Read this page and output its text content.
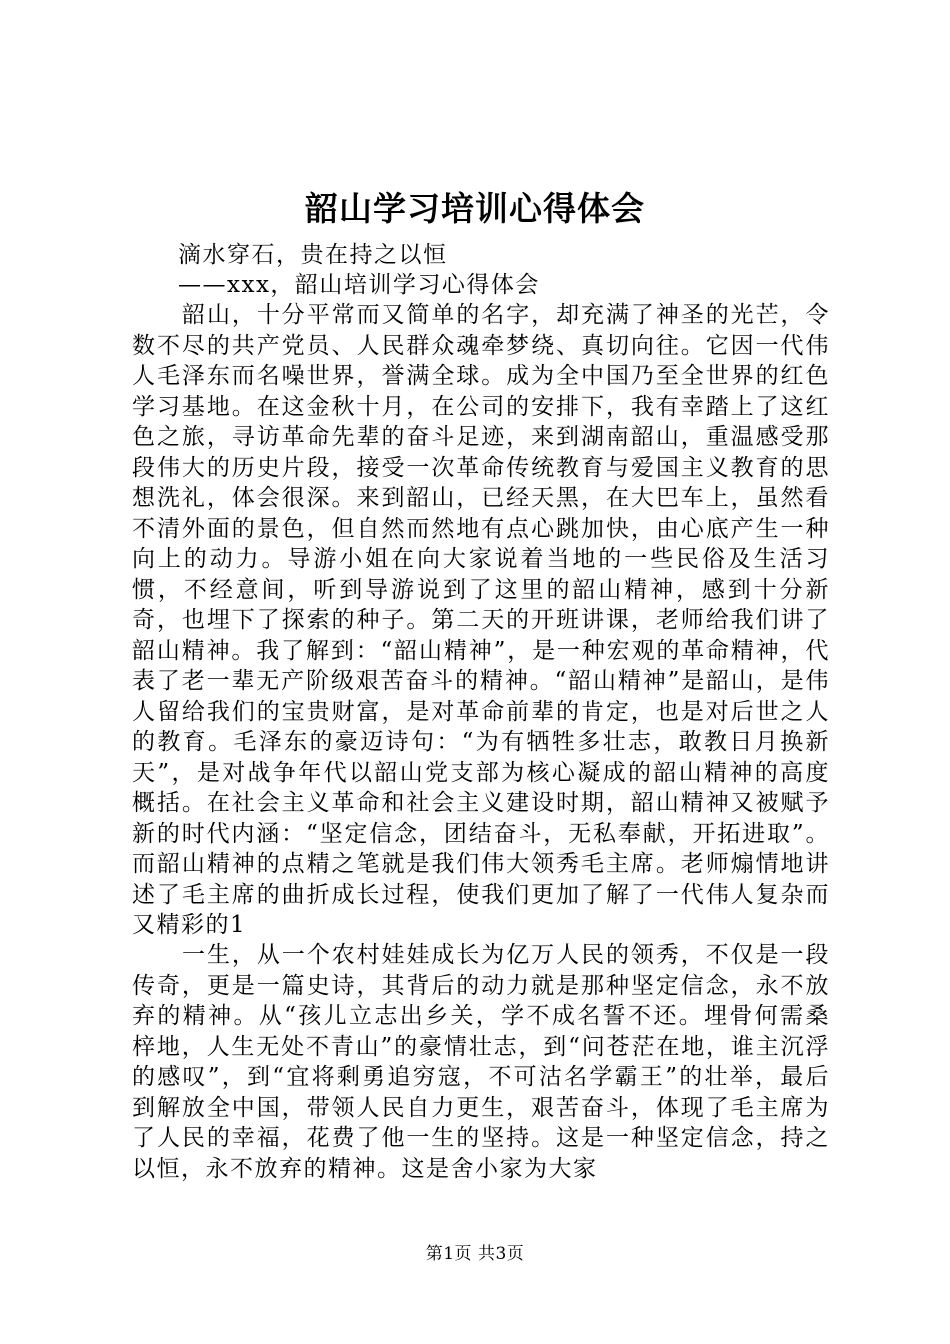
韶山学习培训心得体会
滴水穿石，贵在持之以恒
——xxx，韶山培训学习心得体会
韶山，十分平常而又简单的名字，却充满了神圣的光芒，令数不尽的共产党员、人民群众魂牵梦绕、真切向往。它因一代伟人毛泽东而名噪世界，誉满全球。成为全中国乃至全世界的红色学习基地。在这金秋十月，在公司的安排下，我有幸踏上了这红色之旅，寻访革命先辈的奋斗足迹，来到湖南韶山，重温感受那段伟大的历史片段，接受一次革命传统教育与爱国主义教育的思想洗礼，体会很深。来到韶山，已经天黑，在大巴车上，虽然看不清外面的景色，但自然而然地有点心跳加快，由心底产生一种向上的动力。导游小姐在向大家说着当地的一些民俗及生活习惯，不经意间，听到导游说到了这里的韶山精神，感到十分新奇，也埋下了探索的种子。第二天的开班讲课，老师给我们讲了韶山精神。我了解到：“韶山精神”，是一种宏观的革命精神，代表了老一辈无产阶级艰苦奋斗的精神。“韶山精神”是韶山，是伟人留给我们的宝贵财富，是对革命前辈的肯定，也是对后世之人的教育。毛泽东的豪迈诗句：“为有牺牲多壮志，敢教日月换新天”，是对战争年代以韶山党支部为核心凝成的韶山精神的高度概括。在社会主义革命和社会主义建设时期，韶山精神又被赋予新的时代内涵：“坚定信念，团结奋斗，无私奉献，开拓进取”。而韶山精神的点精之笔就是我们伟大领秀毛主席。老师煽情地讲述了毛主席的曲折成长过程，使我们更加了解了一代伟人复杂而又精彩的1
一生，从一个农村娃娃成长为亿万人民的领秀，不仅是一段传奇，更是一篇史诗，其背后的动力就是那种坚定信念，永不放弃的精神。从“孩儿立志出乡关，学不成名誓不还。埋骨何需桑梓地，人生无处不青山”的豪情壮志，到“问苍茫在地，谁主沉浮的感叹”，到“宜将剩勇追穷寇，不可沽名学霸王”的壮举，最后到解放全中国，带领人民自力更生，艰苦奋斗，体现了毛主席为了人民的幸福，花费了他一生的坚持。这是一种坚定信念，持之以恒，永不放弃的精神。这是舍小家为大家
第1页 共3页
